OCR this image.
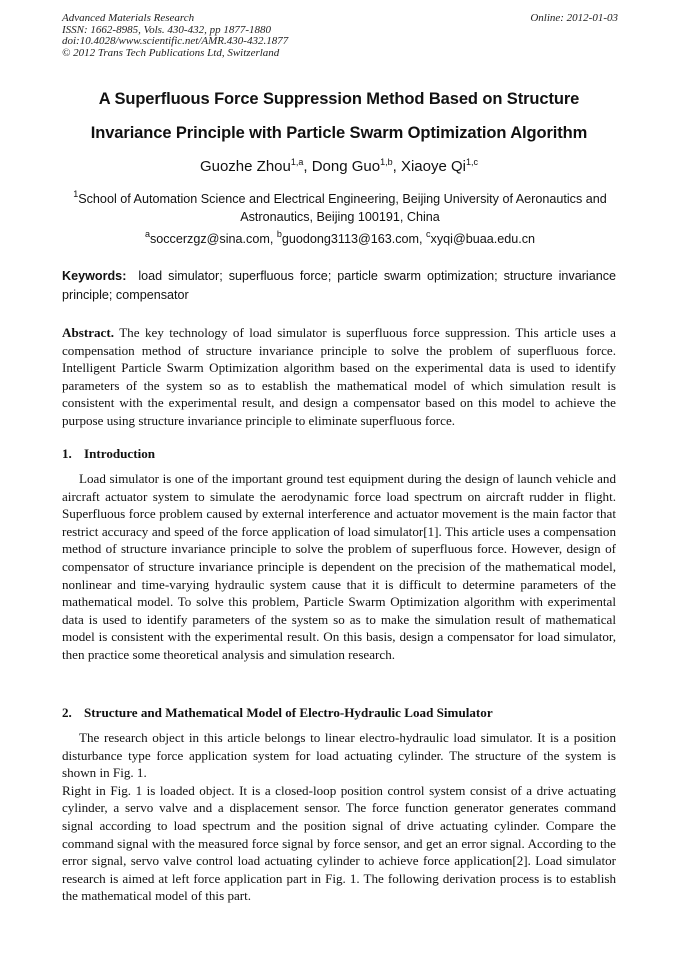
Advanced Materials Research
ISSN: 1662-8985, Vols. 430-432, pp 1877-1880
doi:10.4028/www.scientific.net/AMR.430-432.1877
© 2012 Trans Tech Publications Ltd, Switzerland
Online: 2012-01-03
A Superfluous Force Suppression Method Based on Structure
Invariance Principle with Particle Swarm Optimization Algorithm
Guozhe Zhou$^{1,a}$, Dong Guo$^{1,b}$, Xiaoye Qi$^{1,c}$
$^1$School of Automation Science and Electrical Engineering, Beijing University of Aeronautics and
Astronautics, Beijing 100191, China
$^a$soccerzgz@sina.com, $^b$guodong3113@163.com, $^c$xyqi@buaa.edu.cn
Keywords: load simulator; superfluous force; particle swarm optimization; structure invariance principle; compensator

Abstract. The key technology of load simulator is superfluous force suppression. This article uses a compensation method of structure invariance principle to solve the problem of superfluous force. Intelligent Particle Swarm Optimization algorithm based on the experimental data is used to identify parameters of the system so as to establish the mathematical model of which simulation result is consistent with the experimental result, and design a compensator based on this model to achieve the purpose using structure invariance principle to eliminate superfluous force.

1. Introduction

Load simulator is one of the important ground test equipment during the design of launch vehicle and aircraft actuator system to simulate the aerodynamic force load spectrum on aircraft rudder in flight. Superfluous force problem caused by external interference and actuator movement is the main factor that restrict accuracy and speed of the force application of load simulator[1]. This article uses a compensation method of structure invariance principle to solve the problem of superfluous force. However, design of compensator of structure invariance principle is dependent on the precision of the mathematical model, nonlinear and time-varying hydraulic system cause that it is difficult to determine parameters of the mathematical model. To solve this problem, Particle Swarm Optimization algorithm with experimental data is used to identify parameters of the system so as to make the simulation result of mathematical model is consistent with the experimental result. On this basis, design a compensator for load simulator, then practice some theoretical analysis and simulation research.

2. Structure and Mathematical Model of Electro-Hydraulic Load Simulator

The research object in this article belongs to linear electro-hydraulic load simulator. It is a position disturbance type force application system for load actuating cylinder. The structure of the system is shown in Fig. 1.

Right in Fig. 1 is loaded object. It is a closed-loop position control system consist of a drive actuating cylinder, a servo valve and a displacement sensor. The force function generator generates command signal according to load spectrum and the position signal of drive actuating cylinder. Compare the command signal with the measured force signal by force sensor, and get an error signal. According to the error signal, servo valve control load actuating cylinder to achieve force application[2]. Load simulator research is aimed at left force application part in Fig. 1. The following derivation process is to establish the mathematical model of this part.
